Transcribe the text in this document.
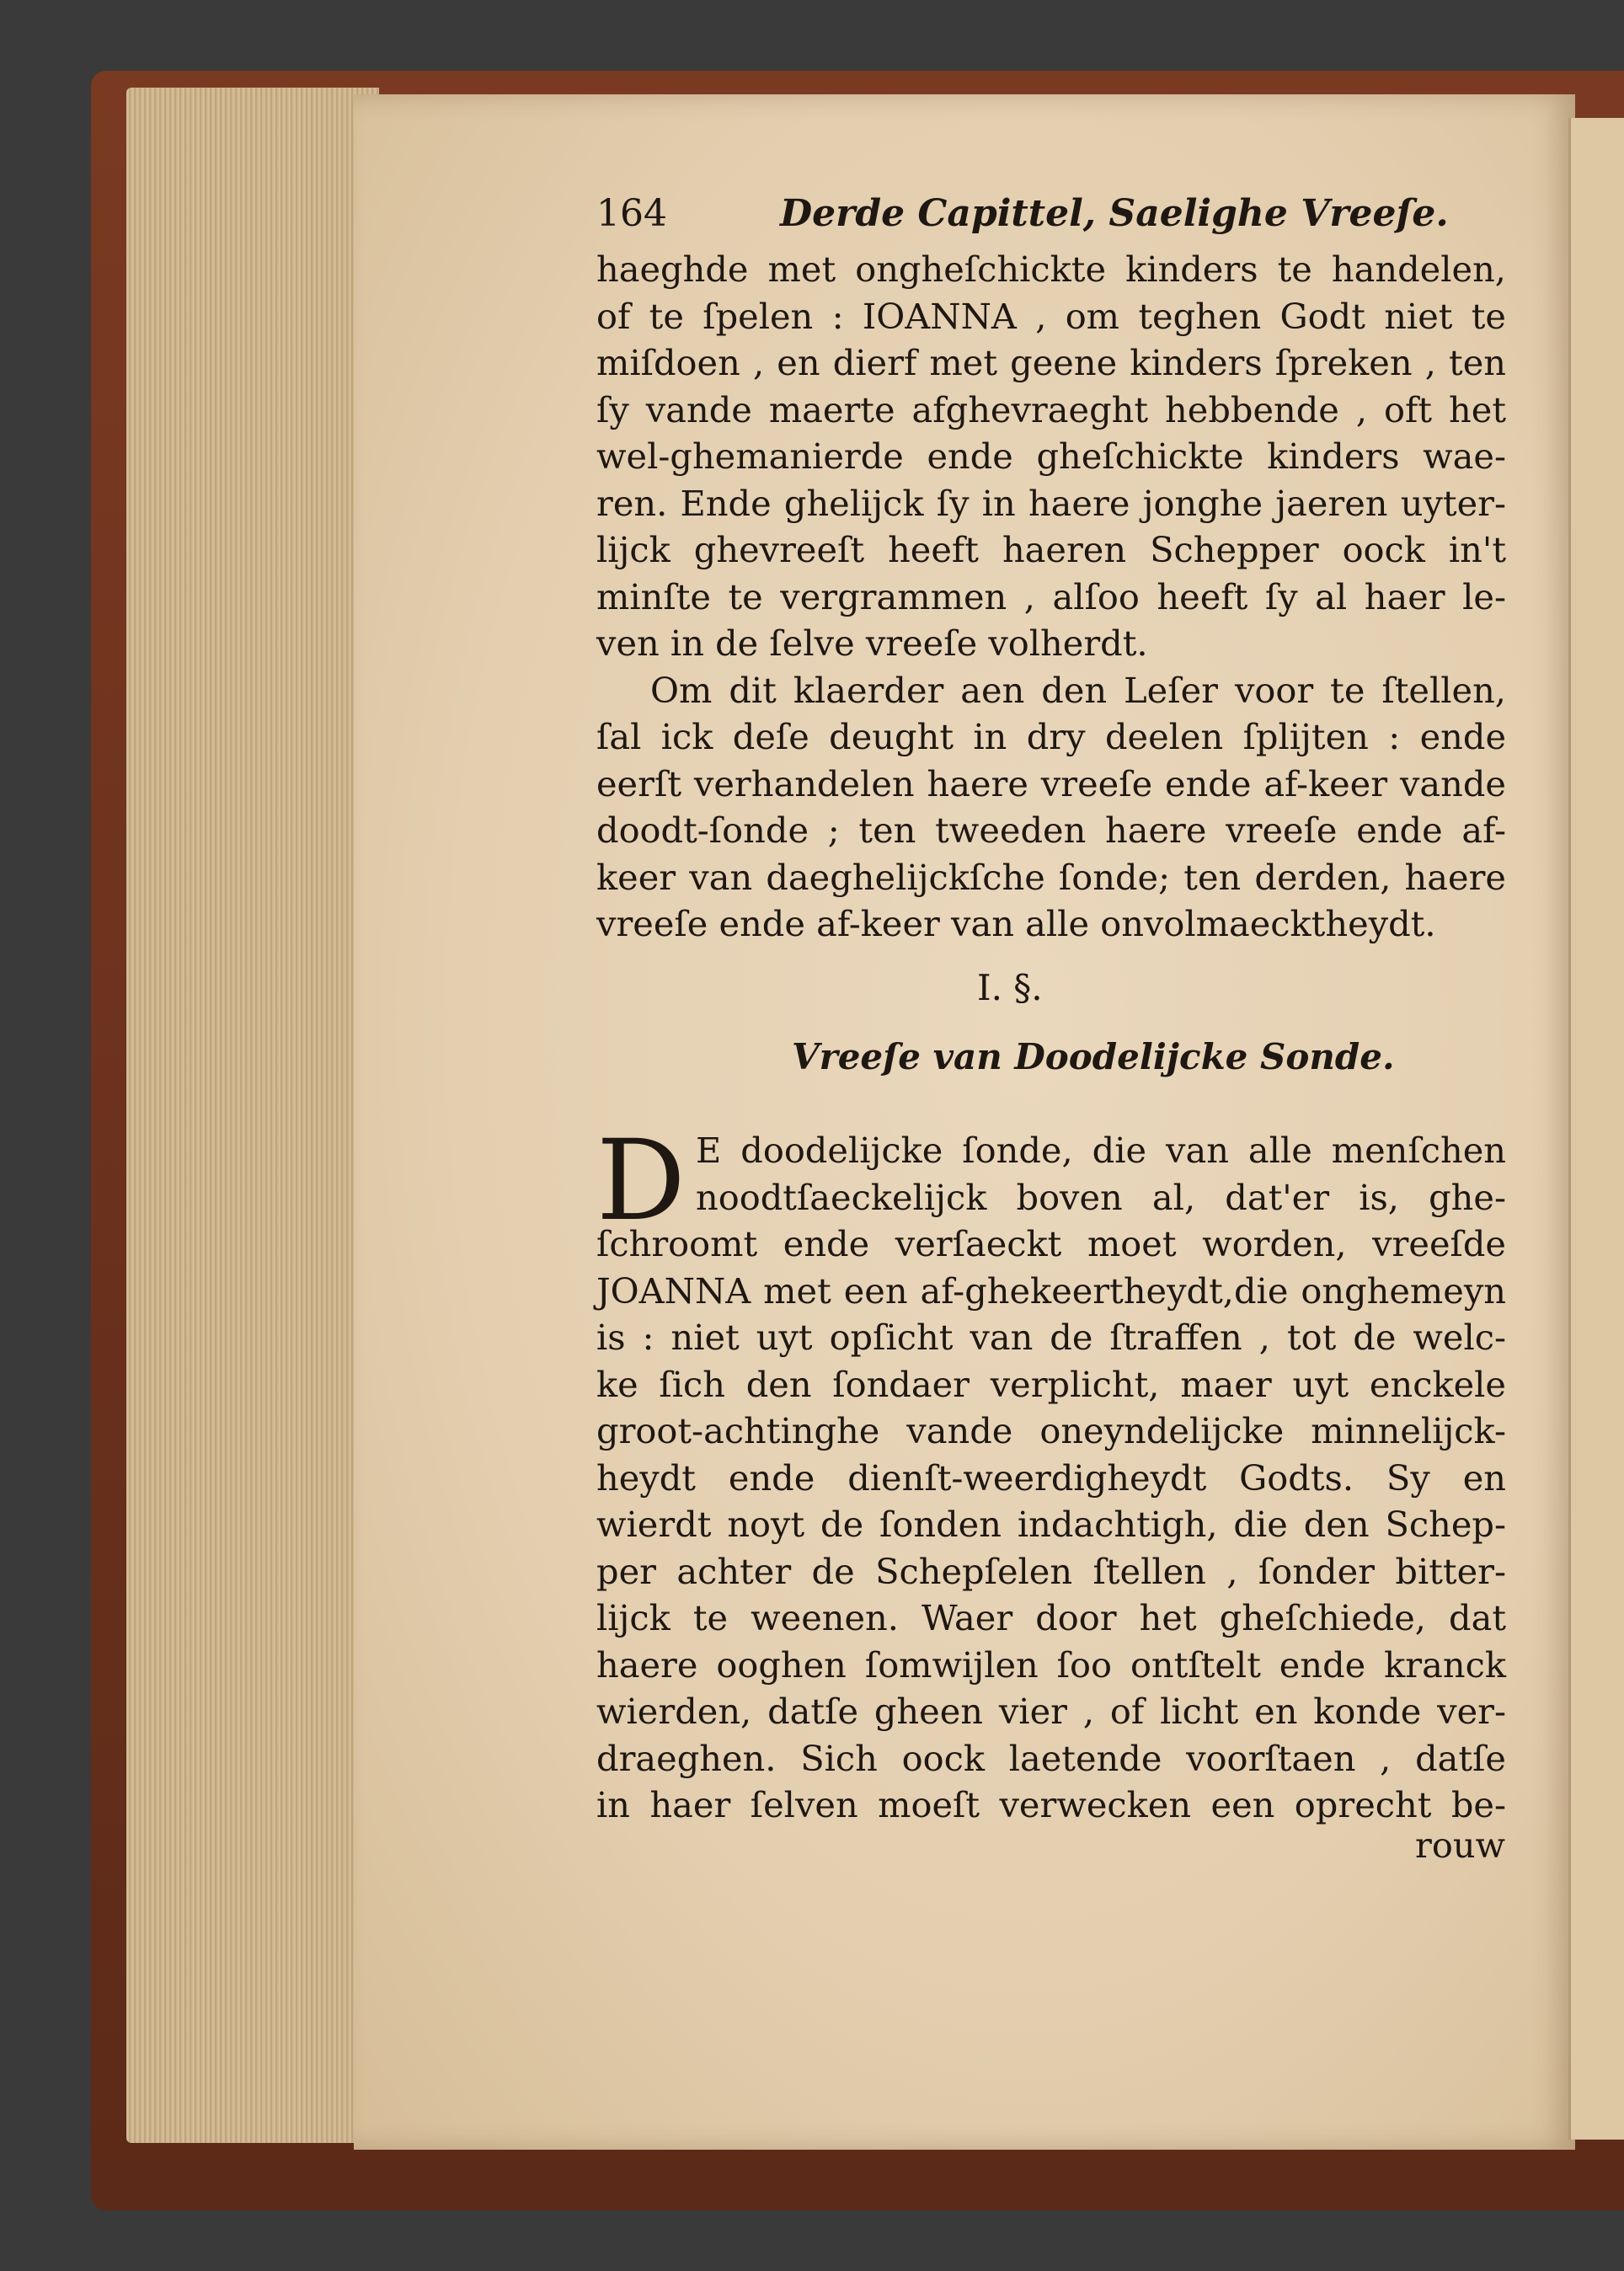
164	Derde Capittel, Saelighe Vreeſe.
haeghde met ongheſchickte kinders te handelen,
of te ſpelen : IOANNA , om teghen Godt niet te
miſdoen , en dierf met geene kinders ſpreken , ten
ſy vande maerte afghevraeght hebbende , oft het
wel-ghemanierde ende gheſchickte kinders wae-
ren. Ende ghelijck ſy in haere jonghe jaeren uyter-
lijck ghevreeſt heeft haeren Schepper oock in't
minſte te vergrammen , alſoo heeft ſy al haer le-
ven in de ſelve vreeſe volherdt.
Om dit klaerder aen den Leſer voor te ſtellen,
ſal ick deſe deught in dry deelen ſplijten : ende
eerſt verhandelen haere vreeſe ende af-keer vande
doodt-ſonde ; ten tweeden haere vreeſe ende af-
keer van daeghelijckſche ſonde; ten derden, haere
vreeſe ende af-keer van alle onvolmaecktheydt.
I. §.
Vreeſe van Doodelijcke Sonde.
D E doodelijcke ſonde, die van alle menſchen
noodtſaeckelijck boven al, dat'er is, ghe-
ſchroomt ende verſaeckt moet worden, vreeſde
JOANNA met een af-ghekeertheydt,die onghemeyn
is : niet uyt opſicht van de ſtraffen , tot de welc-
ke ſich den ſondaer verplicht, maer uyt enckele
groot-achtinghe vande oneyndelijcke minnelijck-
heydt ende dienſt-weerdigheydt Godts. Sy en
wierdt noyt de ſonden indachtigh, die den Schep-
per achter de Schepſelen ſtellen , ſonder bitter-
lijck te weenen. Waer door het gheſchiede, dat
haere ooghen ſomwijlen ſoo ontſtelt ende kranck
wierden, datſe gheen vier , of licht en konde ver-
draeghen. Sich oock laetende voorſtaen , datſe
in haer ſelven moeſt verwecken een oprecht be-
rouw
